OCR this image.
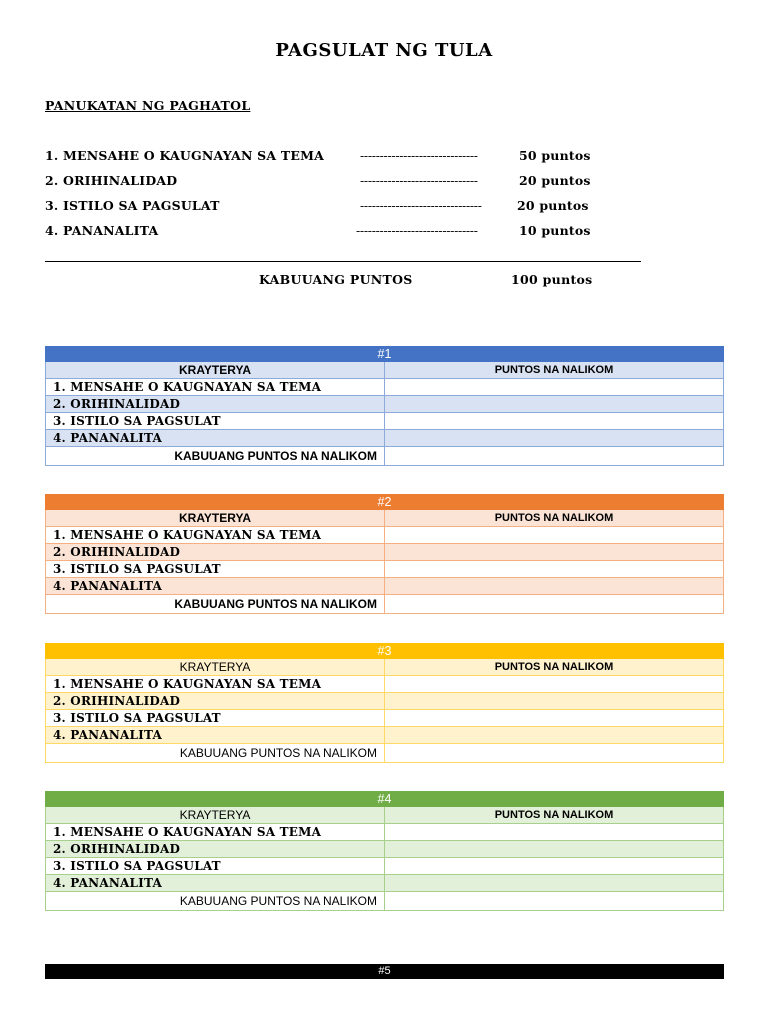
PAGSULAT NG TULA
PANUKATAN NG PAGHATOL
1. MENSAHE O KAUGNAYAN SA TEMA	------------------------------	50 puntos
2. ORIHINALIDAD	------------------------------	20 puntos
3. ISTILO SA PAGSULAT	-------------------------------	20 puntos
4. PANANALITA	-------------------------------	10 puntos
KABUUANG PUNTOS	100 puntos
#1	
KRAYTERYA	PUNTOS NA NALIKOM
1. MENSAHE O KAUGNAYAN SA TEMA	
2. ORIHINALIDAD	
3. ISTILO SA PAGSULAT	
4. PANANALITA	
KABUUANG PUNTOS NA NALIKOM	
#2	
KRAYTERYA	PUNTOS NA NALIKOM
1. MENSAHE O KAUGNAYAN SA TEMA	
2. ORIHINALIDAD	
3. ISTILO SA PAGSULAT	
4. PANANALITA	
KABUUANG PUNTOS NA NALIKOM	
#3	
KRAYTERYA	PUNTOS NA NALIKOM
1. MENSAHE O KAUGNAYAN SA TEMA	
2. ORIHINALIDAD	
3. ISTILO SA PAGSULAT	
4. PANANALITA	
KABUUANG PUNTOS NA NALIKOM	
#4	
KRAYTERYA	PUNTOS NA NALIKOM
1. MENSAHE O KAUGNAYAN SA TEMA	
2. ORIHINALIDAD	
3. ISTILO SA PAGSULAT	
4. PANANALITA	
KABUUANG PUNTOS NA NALIKOM	
#5
